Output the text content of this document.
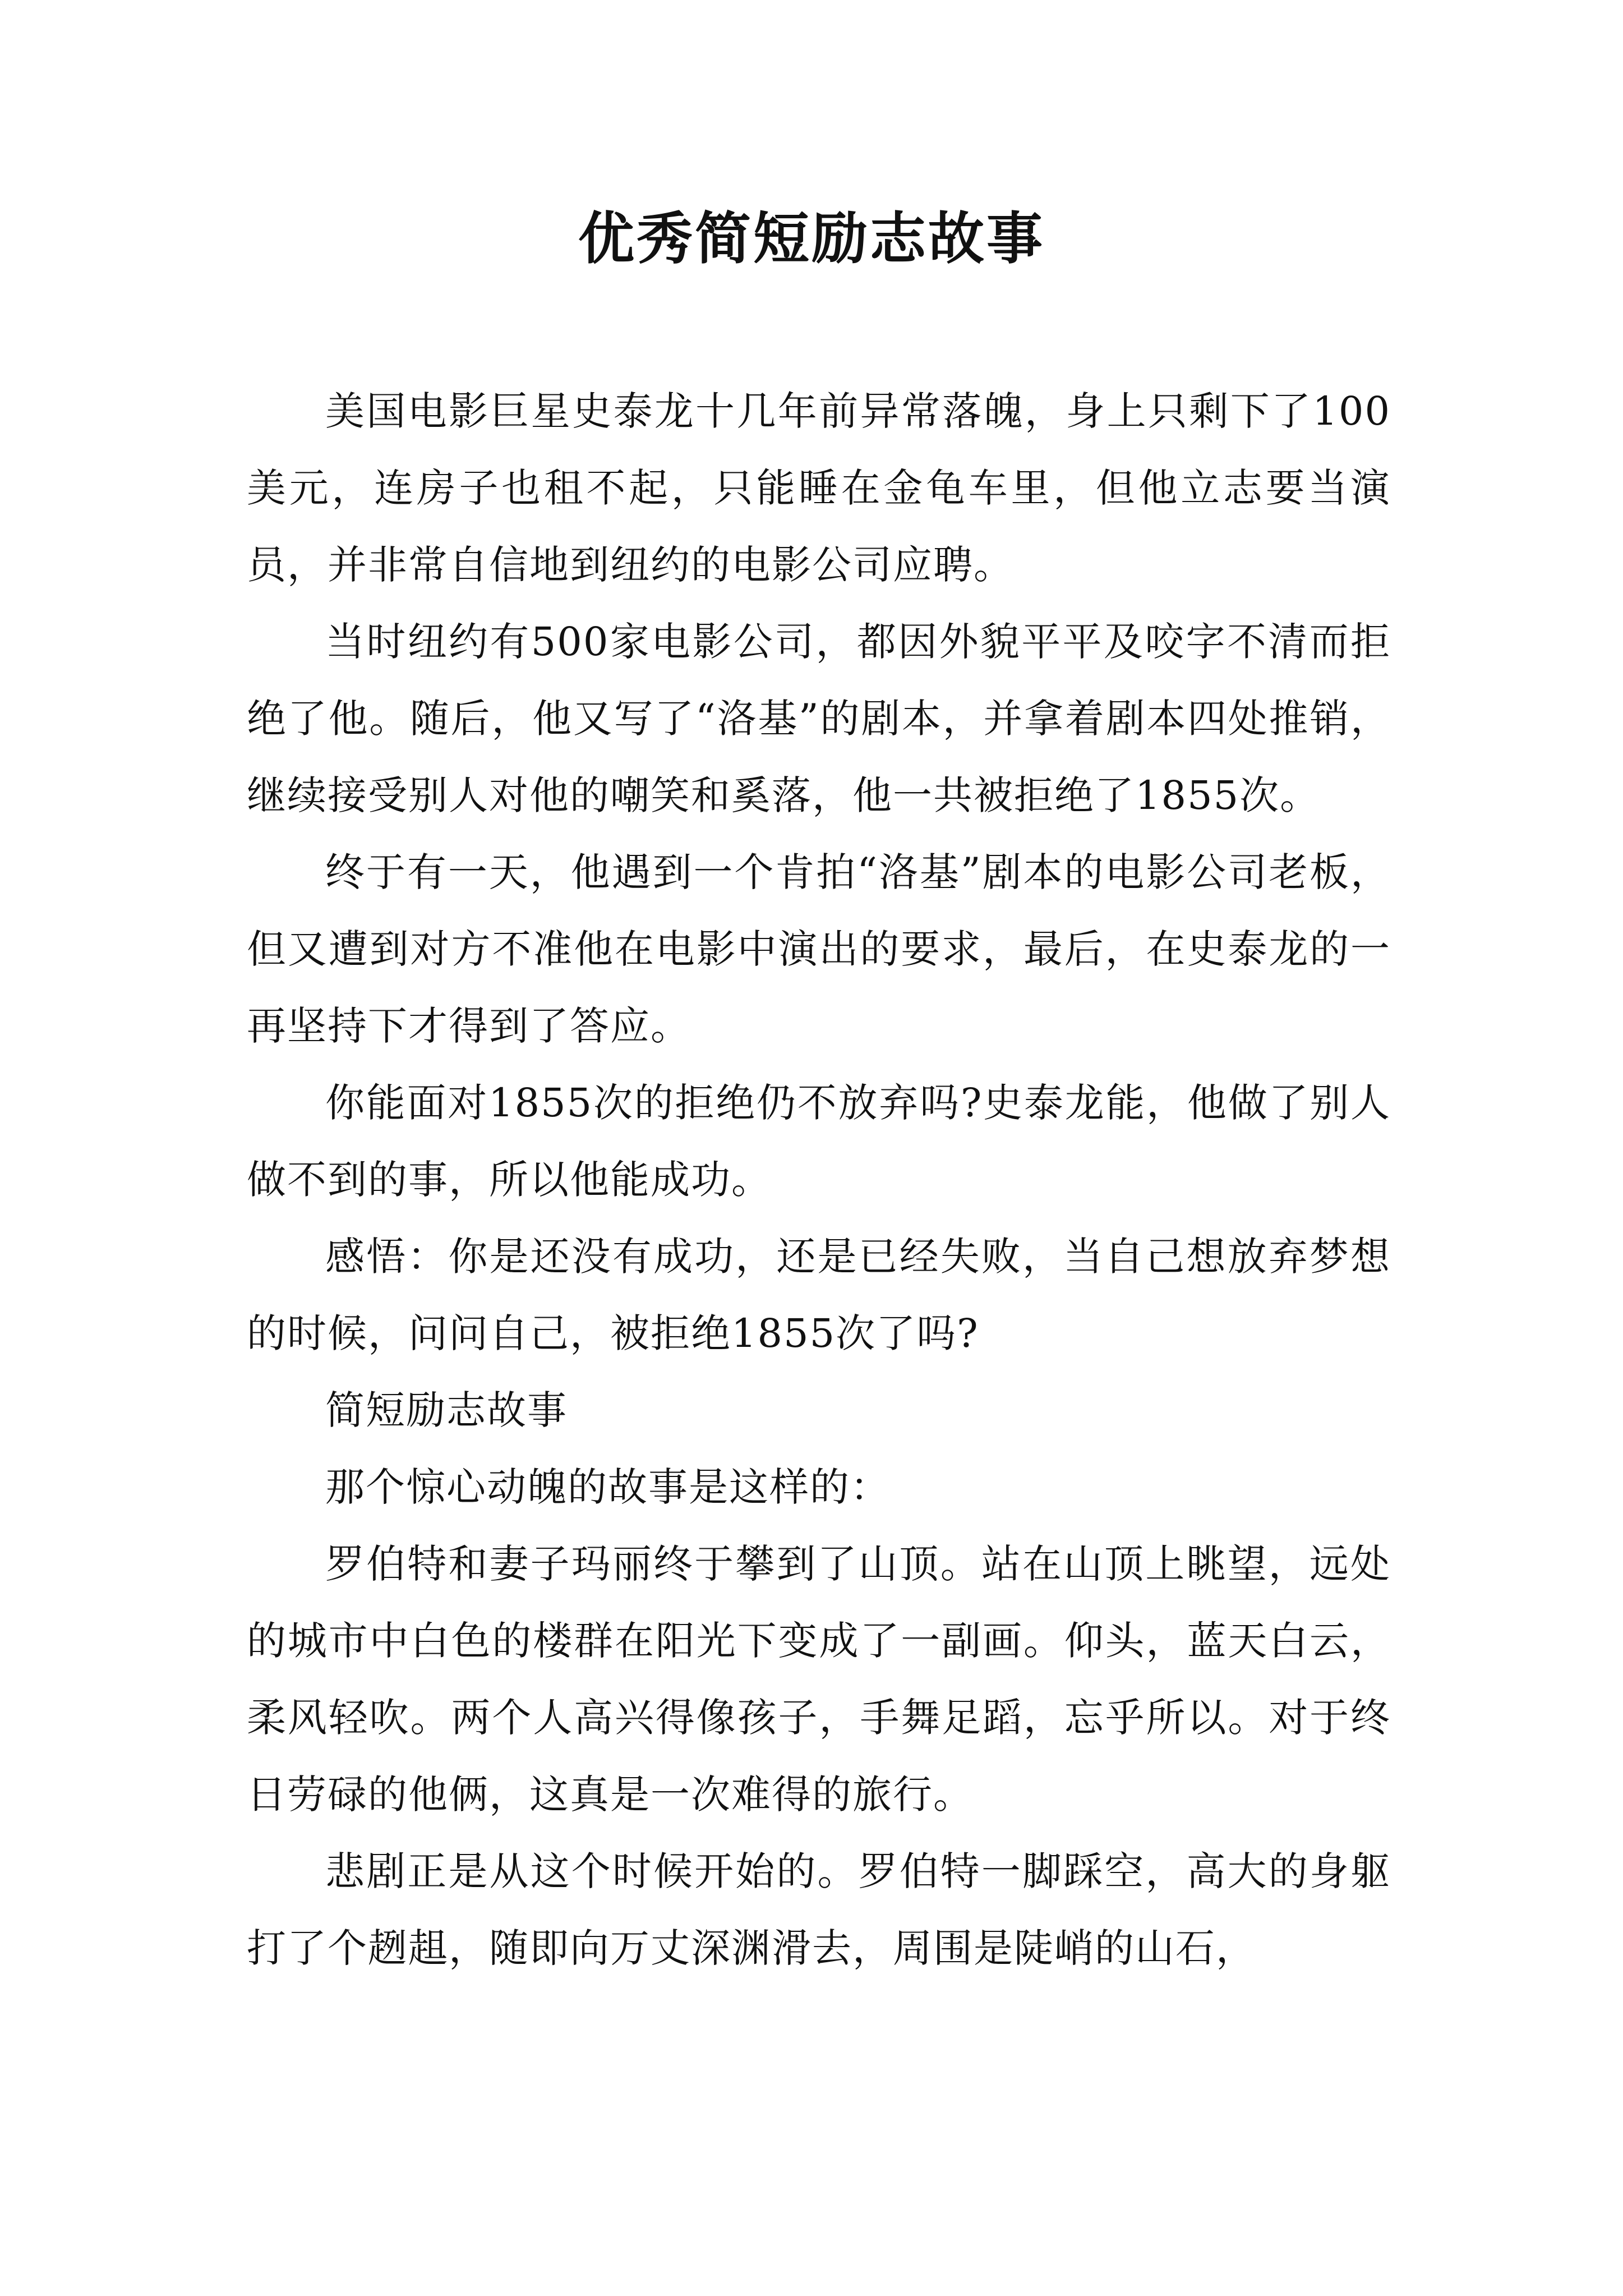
优秀简短励志故事

美国电影巨星史泰龙十几年前异常落魄，身上只剩下了100美元，连房子也租不起，只能睡在金龟车里，但他立志要当演员，并非常自信地到纽约的电影公司应聘。

当时纽约有500家电影公司，都因外貌平平及咬字不清而拒绝了他。随后，他又写了“洛基”的剧本，并拿着剧本四处推销，继续接受别人对他的嘲笑和奚落，他一共被拒绝了1855次。

终于有一天，他遇到一个肯拍“洛基”剧本的电影公司老板，但又遭到对方不准他在电影中演出的要求，最后，在史泰龙的一再坚持下才得到了答应。

你能面对1855次的拒绝仍不放弃吗?史泰龙能，他做了别人做不到的事，所以他能成功。

感悟：你是还没有成功，还是已经失败，当自己想放弃梦想的时候，问问自己，被拒绝1855次了吗?

简短励志故事

那个惊心动魄的故事是这样的：

罗伯特和妻子玛丽终于攀到了山顶。站在山顶上眺望，远处的城市中白色的楼群在阳光下变成了一副画。仰头，蓝天白云，柔风轻吹。两个人高兴得像孩子，手舞足蹈，忘乎所以。对于终日劳碌的他俩，这真是一次难得的旅行。

悲剧正是从这个时候开始的。罗伯特一脚踩空，高大的身躯打了个趔趄，随即向万丈深渊滑去，周围是陡峭的山石，
